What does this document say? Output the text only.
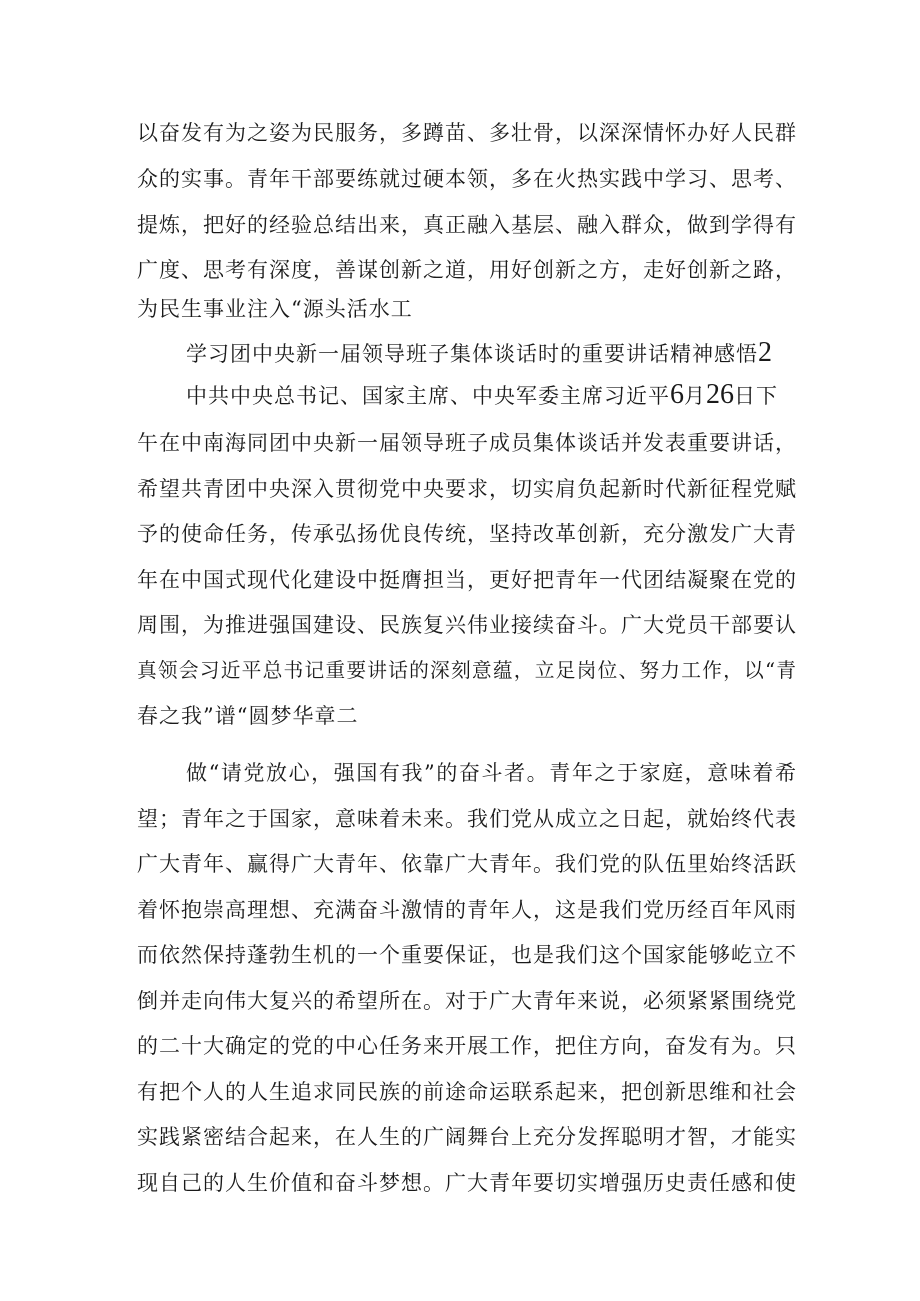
以奋发有为之姿为民服务，多蹲苗、多壮骨，以深深情怀办好人民群
众的实事。青年干部要练就过硬本领，多在火热实践中学习、思考、
提炼，把好的经验总结出来，真正融入基层、融入群众，做到学得有
广度、思考有深度，善谋创新之道，用好创新之方，走好创新之路，
为民生事业注入“源头活水工
学习团中央新一届领导班子集体谈话时的重要讲话精神感悟2
中共中央总书记、国家主席、中央军委主席习近平6月26日下
午在中南海同团中央新一届领导班子成员集体谈话并发表重要讲话，
希望共青团中央深入贯彻党中央要求，切实肩负起新时代新征程党赋
予的使命任务，传承弘扬优良传统，坚持改革创新，充分激发广大青
年在中国式现代化建设中挺膺担当，更好把青年一代团结凝聚在党的
周围，为推进强国建设、民族复兴伟业接续奋斗。广大党员干部要认
真领会习近平总书记重要讲话的深刻意蕴，立足岗位、努力工作，以“青
春之我”谱“圆梦华章二
做“请党放心，强国有我”的奋斗者。青年之于家庭，意味着希
望；青年之于国家，意味着未来。我们党从成立之日起，就始终代表
广大青年、赢得广大青年、依靠广大青年。我们党的队伍里始终活跃
着怀抱崇高理想、充满奋斗激情的青年人，这是我们党历经百年风雨
而依然保持蓬勃生机的一个重要保证，也是我们这个国家能够屹立不
倒并走向伟大复兴的希望所在。对于广大青年来说，必须紧紧围绕党
的二十大确定的党的中心任务来开展工作，把住方向，奋发有为。只
有把个人的人生追求同民族的前途命运联系起来，把创新思维和社会
实践紧密结合起来，在人生的广阔舞台上充分发挥聪明才智，才能实
现自己的人生价值和奋斗梦想。广大青年要切实增强历史责任感和使
